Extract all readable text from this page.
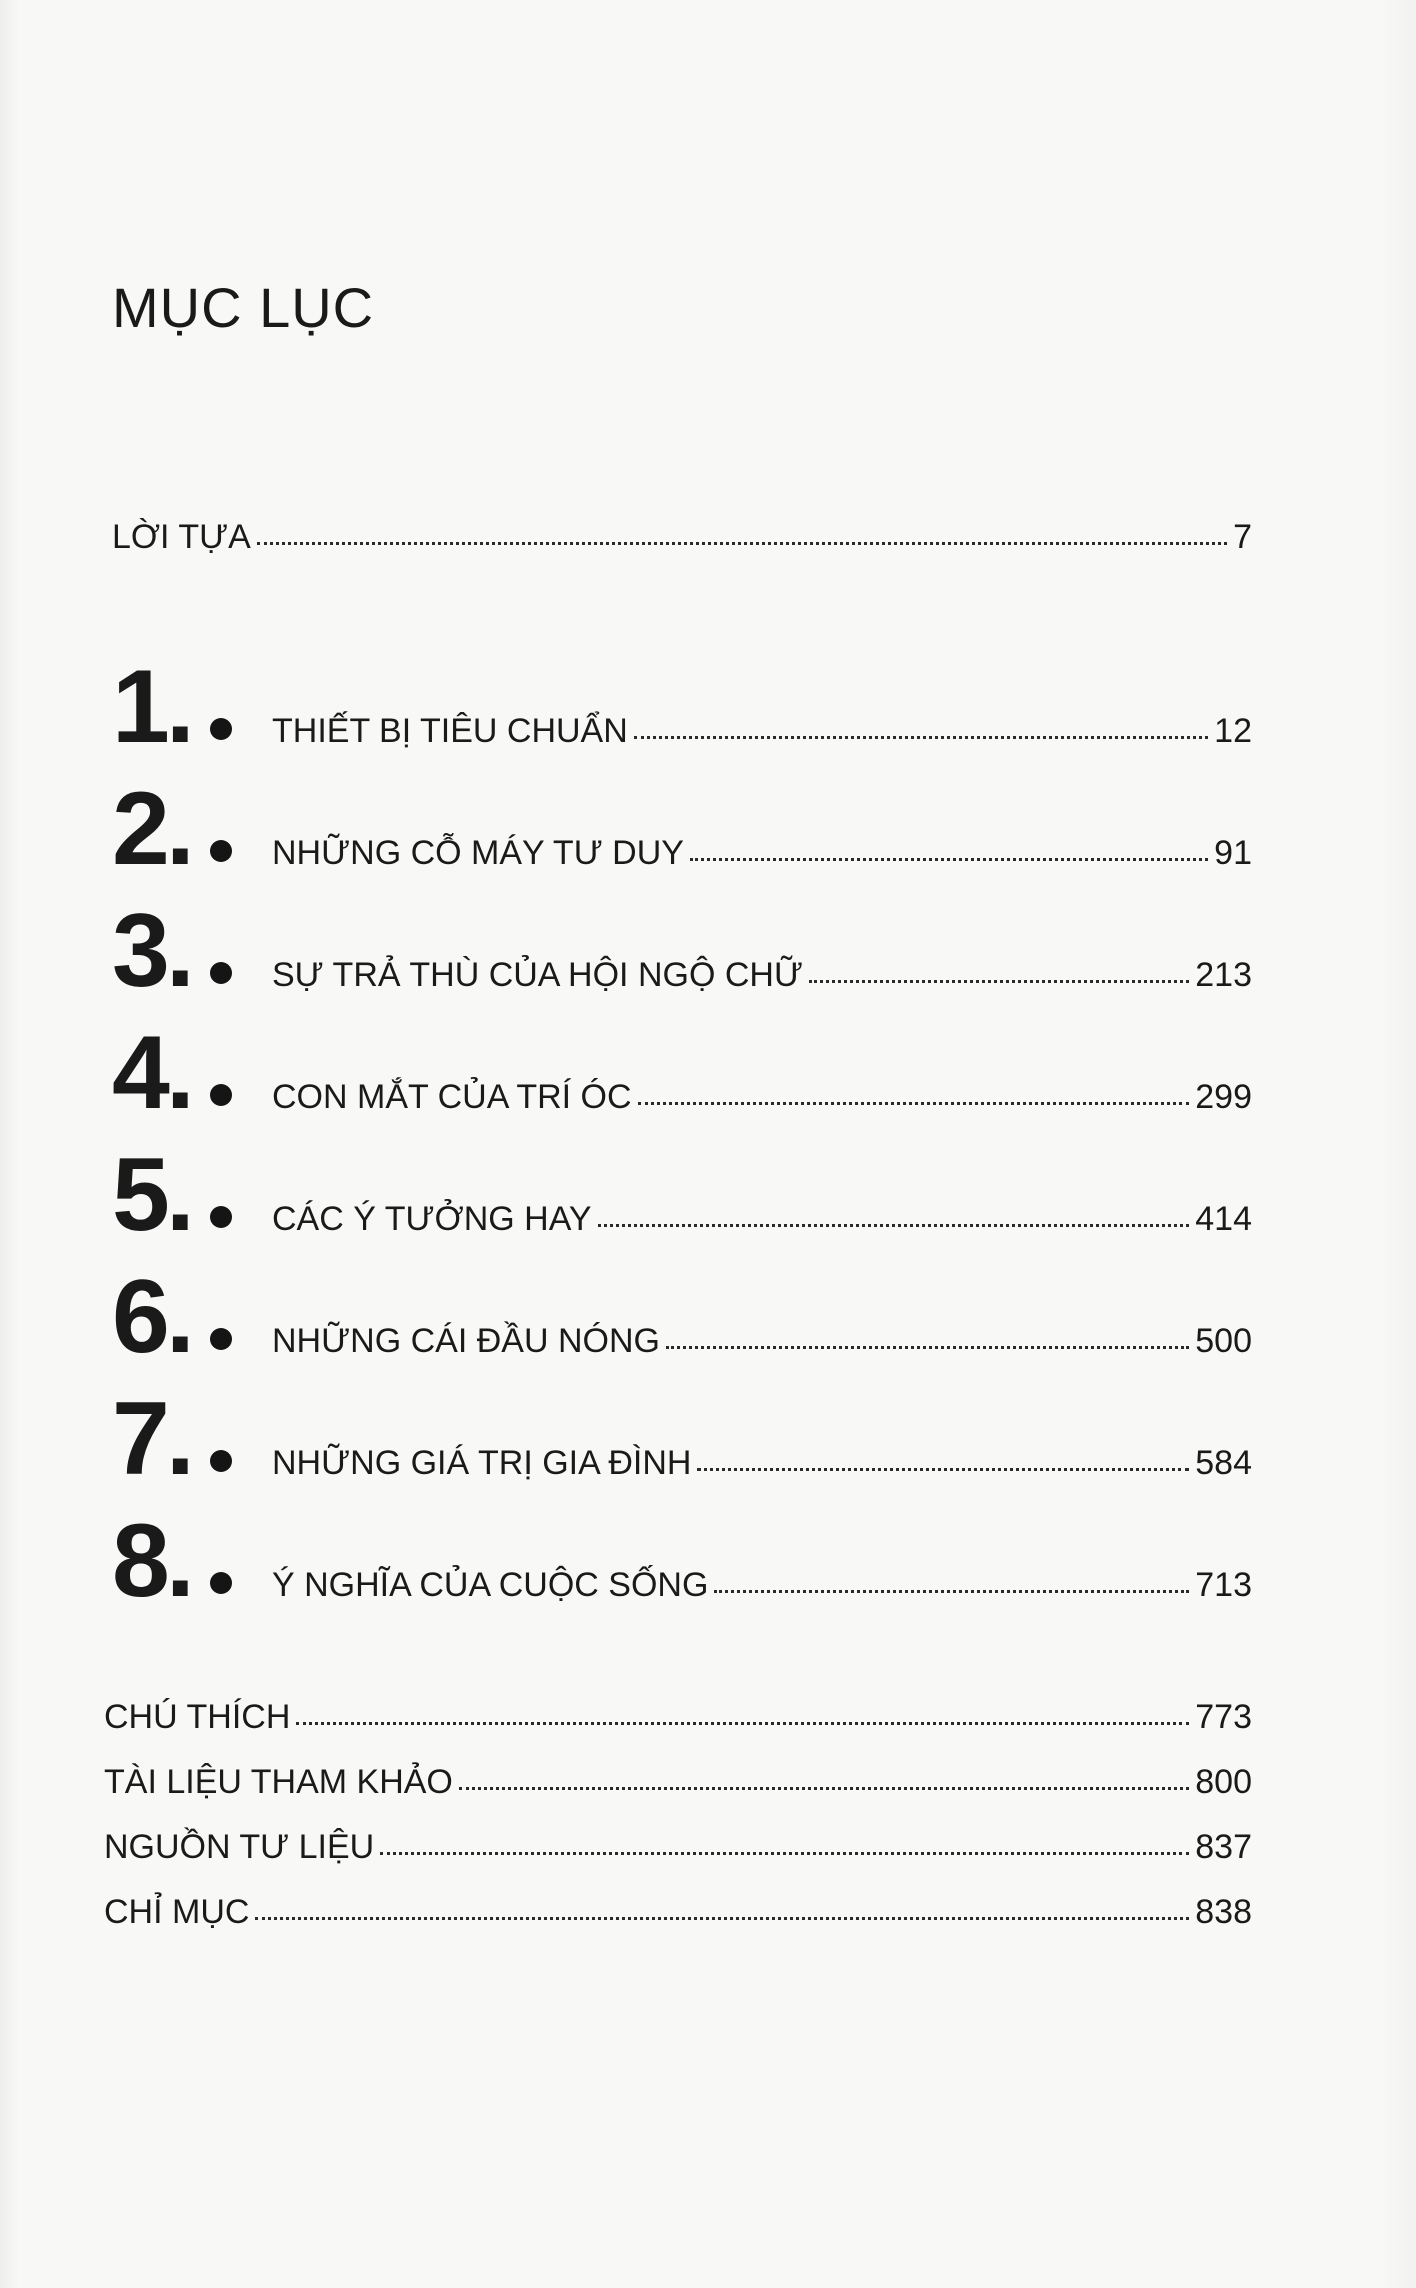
MỤC LỤC
LỜI TỰA	7
1.	THIẾT BỊ TIÊU CHUẨN	12
2.	NHỮNG CỖ MÁY TƯ DUY	91
3.	SỰ TRẢ THÙ CỦA HỘI NGỘ CHỮ	213
4.	CON MẮT CỦA TRÍ ÓC	299
5.	CÁC Ý TƯỞNG HAY	414
6.	NHỮNG CÁI ĐẦU NÓNG	500
7.	NHỮNG GIÁ TRỊ GIA ĐÌNH	584
8.	Ý NGHĨA CỦA CUỘC SỐNG	713
CHÚ THÍCH	773
TÀI LIỆU THAM KHẢO	800
NGUỒN TƯ LIỆU	837
CHỈ MỤC	838
